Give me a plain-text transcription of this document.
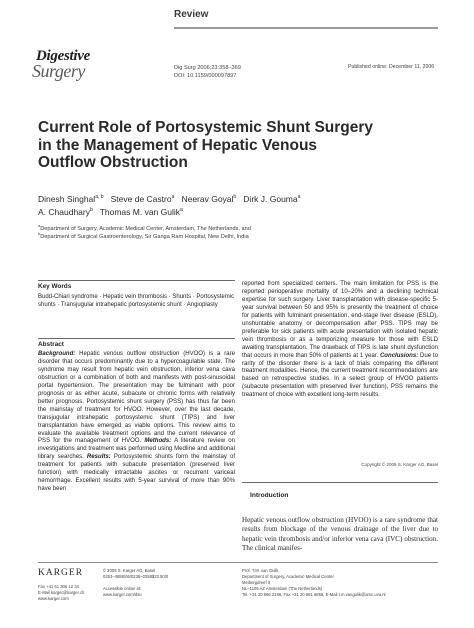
Review
Digestive
Surgery	Dig Surg 2006;23:358–369
DOI: 10.1159/000097897
Published online: December 11, 2006
Current Role of Portosystemic Shunt Surgery in the Management of Hepatic Venous Outflow Obstruction
Dinesh Singhal$^{a, b}$ Steve de Castro$^a$ Neerav Goyal$^b$ Dirk J. Gouma$^a$
A. Chaudhary$^b$ Thomas M. van Gulik$^a$
$^a$Department of Surgery, Academic Medical Center, Amsterdam, The Netherlands, and
$^b$Department of Surgical Gastroenterology, Sir Ganga Ram Hospital, New Delhi, India
Key Words
Budd-Chiari syndrome · Hepatic vein thrombosis · Shunts · Portosystemic shunts · Transjugular intrahepatic portosystemic shunt · Angioplasty
Abstract
Background: Hepatic venous outflow obstruction (HVOO) is a rare disorder that occurs predominantly due to a hypercoagulable state. The syndrome may result from hepatic vein obstruction, inferior vena cava obstruction or a combination of both and manifests with post-sinusoidal portal hypertension. The presentation may be fulminant with poor prognosis or as either acute, subacute or chronic forms with relatively better prognosis. Portosystemic shunt surgery (PSS) has thus far been the mainstay of treatment for HVOO. However, over the last decade, transjugular intrahepatic portosystemic shunt (TIPS) and liver transplantation have emerged as viable options. This review aims to evaluate the available treatment options and the current relevance of PSS for the management of HVOO. Methods: A literature review on investigations and treatment was performed using Medline and additional library searches. Results: Portosystemic shunts form the mainstay of treatment for patients with subacute presentation (preserved liver function) with medically intractable ascites or recurrent variceal hemorrhage. Excellent results with 5-year survival of more than 90% have been
reported from specialized centers. The main limitation for PSS is the reported perioperative mortality of 10–20% and a declining technical expertise for such surgery. Liver transplantation with disease-specific 5-year survival between 50 and 95% is presently the treatment of choice for patients with fulminant presentation, end-stage liver disease (ESLD), unshuntable anatomy or decompensation after PSS. TIPS may be preferable for sick patients with acute presentation with isolated hepatic vein thrombosis or as a temporizing measure for those with ESLD awaiting transplantation. The drawback of TIPS is late shunt dysfunction that occurs in more than 50% of patients at 1 year. Conclusions: Due to rarity of the disorder there is a lack of trials comparing the different treatment modalities. Hence, the current treatment recommendations are based on retrospective studies. In a select group of HVOO patients (subacute presentation with preserved liver function), PSS remains the treatment of choice with excellent long-term results.
Copyright © 2006 S. Karger AG, Basel
Introduction
Hepatic venous outflow obstruction (HVOO) is a rare syndrome that results from blockage of the venous drainage of the liver due to hepatic vein thrombosis and/or inferior vena cava (IVC) obstruction. The clinical manifes-
KARGER
Fax +41 61 306 12 34
E-Mail karger@karger.ch
www.karger.com
© 2006 S. Karger AG, Basel
0253–4886/06/0236–0358$23.50/0

Accessible online at:
www.karger.com/dsu
Prof. T.M. van Gulik
Department of Surgery, Academic Medical Center
Meibergdreef 9
NL–1105 AZ Amsterdam (The Netherlands)
Tel. +31 20 566 2166, Fax +31 20 691 6858, E-Mail t.m.vangulik@amc.uva.nl
